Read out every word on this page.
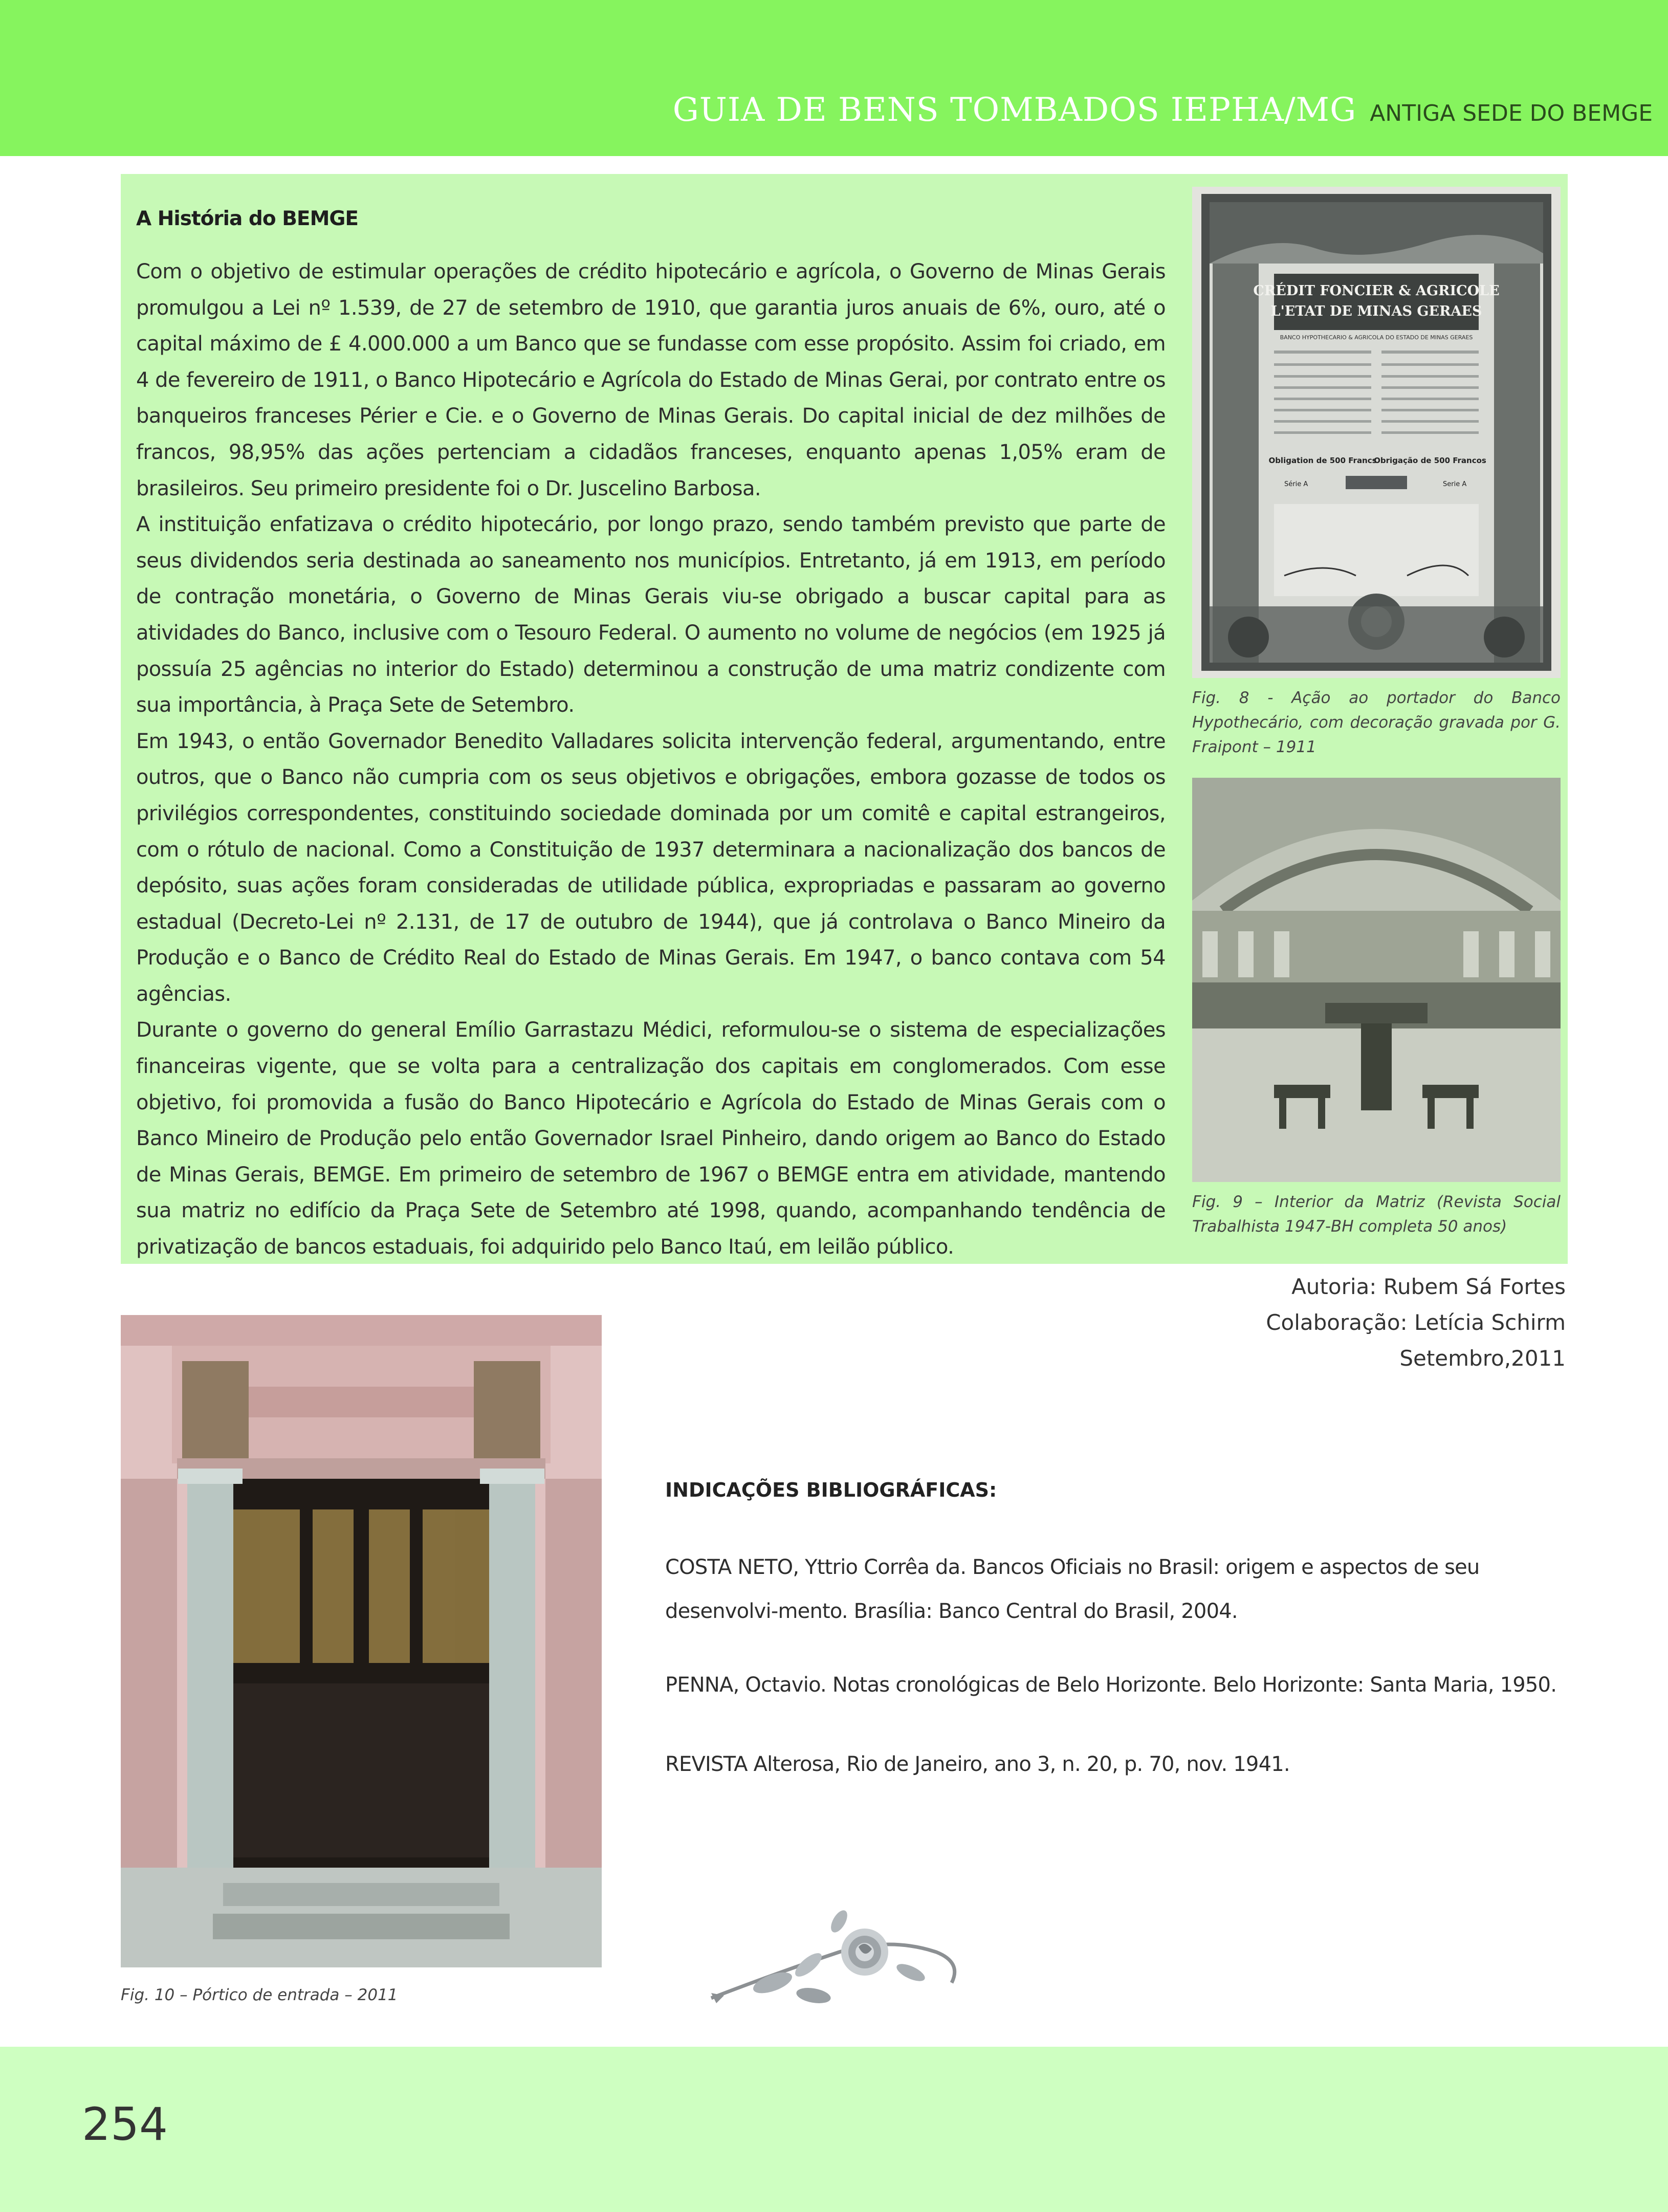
GUIA DE BENS TOMBADOS IEPHA/MG ANTIGA SEDE DO BEMGE
A História do BEMGE

Com o objetivo de estimular operações de crédito hipotecário e agrícola, o Governo de Minas Gerais promulgou a Lei nº 1.539, de 27 de setembro de 1910, que garantia juros anuais de 6%, ouro, até o capital máximo de £ 4.000.000 a um Banco que se fundasse com esse propósito. Assim foi criado, em 4 de fevereiro de 1911, o Banco Hipotecário e Agrícola do Estado de Minas Gerai, por contrato entre os banqueiros franceses Périer e Cie. e o Governo de Minas Gerais. Do capital inicial de dez milhões de francos, 98,95% das ações pertenciam a cidadãos franceses, enquanto apenas 1,05% eram de brasileiros. Seu primeiro presidente foi o Dr. Juscelino Barbosa.

A instituição enfatizava o crédito hipotecário, por longo prazo, sendo também previsto que parte de seus dividendos seria destinada ao saneamento nos municípios. Entretanto, já em 1913, em período de contração monetária, o Governo de Minas Gerais viu-se obrigado a buscar capital para as atividades do Banco, inclusive com o Tesouro Federal. O aumento no volume de negócios (em 1925 já possuía 25 agências no interior do Estado) determinou a construção de uma matriz condizente com sua importância, à Praça Sete de Setembro.

Em 1943, o então Governador Benedito Valladares solicita intervenção federal, argumentando, entre outros, que o Banco não cumpria com os seus objetivos e obrigações, embora gozasse de todos os privilégios correspondentes, constituindo sociedade dominada por um comitê e capital estrangeiros, com o rótulo de nacional. Como a Constituição de 1937 determinara a nacionalização dos bancos de depósito, suas ações foram consideradas de utilidade pública, expropriadas e passaram ao governo estadual (Decreto-Lei nº 2.131, de 17 de outubro de 1944), que já controlava o Banco Mineiro da Produção e o Banco de Crédito Real do Estado de Minas Gerais. Em 1947, o banco contava com 54 agências.

Durante o governo do general Emílio Garrastazu Médici, reformulou-se o sistema de especializações financeiras vigente, que se volta para a centralização dos capitais em conglomerados. Com esse objetivo, foi promovida a fusão do Banco Hipotecário e Agrícola do Estado de Minas Gerais com o Banco Mineiro de Produção pelo então Governador Israel Pinheiro, dando origem ao Banco do Estado de Minas Gerais, BEMGE. Em primeiro de setembro de 1967 o BEMGE entra em atividade, mantendo sua matriz no edifício da Praça Sete de Setembro até 1998, quando, acompanhando tendência de privatização de bancos estaduais, foi adquirido pelo Banco Itaú, em leilão público.

CRÉDIT FONCIER & AGRICOLE
L'ETAT DE MINAS GERAES
BANCO HYPOTHECARIO & AGRICOLA DO ESTADO DE MINAS GERAES
Obligation de 500 Francs
Obrigação de 500 Francos
Série A	Serie A
Fig. 8 - Ação ao portador do Banco Hypothecário, com decoração gravada por G. Fraipont – 1911
Fig. 9 – Interior da Matriz (Revista Social Trabalhista 1947-BH completa 50 anos)
Autoria: Rubem Sá Fortes
Colaboração: Letícia Schirm
Setembro,2011
Fig. 10 – Pórtico de entrada – 2011
INDICAÇÕES BIBLIOGRÁFICAS:
COSTA NETO, Yttrio Corrêa da. Bancos Oficiais no Brasil: origem e aspectos de seu desenvolvi-mento. Brasília: Banco Central do Brasil, 2004.
PENNA, Octavio. Notas cronológicas de Belo Horizonte. Belo Horizonte: Santa Maria, 1950.
REVISTA Alterosa, Rio de Janeiro, ano 3, n. 20, p. 70, nov. 1941.
254
